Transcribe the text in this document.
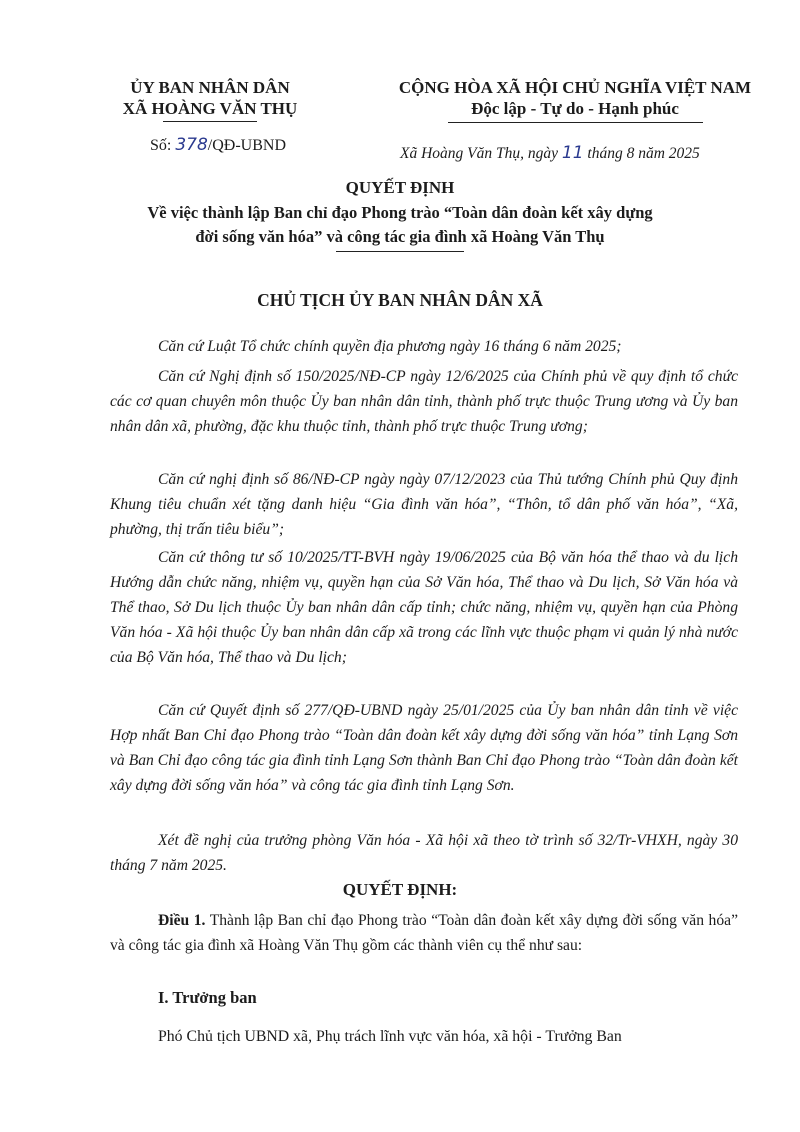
ỦY BAN NHÂN DÂN
XÃ HOÀNG VĂN THỤ
CỘNG HÒA XÃ HỘI CHỦ NGHĨA VIỆT NAM
Độc lập - Tự do - Hạnh phúc
Số: 378/QĐ-UBND	Xã Hoàng Văn Thụ, ngày 11 tháng 8 năm 2025
QUYẾT ĐỊNH
Về việc thành lập Ban chỉ đạo Phong trào “Toàn dân đoàn kết xây dựng
đời sống văn hóa” và công tác gia đình xã Hoàng Văn Thụ
CHỦ TỊCH ỦY BAN NHÂN DÂN XÃ
Căn cứ Luật Tổ chức chính quyền địa phương ngày 16 tháng 6 năm 2025;
Căn cứ Nghị định số 150/2025/NĐ-CP ngày 12/6/2025 của Chính phủ về quy định tổ chức các cơ quan chuyên môn thuộc Ủy ban nhân dân tỉnh, thành phố trực thuộc Trung ương và Ủy ban nhân dân xã, phường, đặc khu thuộc tỉnh, thành phố trực thuộc Trung ương;
Căn cứ nghị định số 86/NĐ-CP ngày ngày 07/12/2023 của Thủ tướng Chính phủ Quy định Khung tiêu chuẩn xét tặng danh hiệu “Gia đình văn hóa”, “Thôn, tổ dân phố văn hóa”, “Xã, phường, thị trấn tiêu biểu”;
Căn cứ thông tư số 10/2025/TT-BVH ngày 19/06/2025 của Bộ văn hóa thể thao và du lịch Hướng dẫn chức năng, nhiệm vụ, quyền hạn của Sở Văn hóa, Thể thao và Du lịch, Sở Văn hóa và Thể thao, Sở Du lịch thuộc Ủy ban nhân dân cấp tỉnh; chức năng, nhiệm vụ, quyền hạn của Phòng Văn hóa - Xã hội thuộc Ủy ban nhân dân cấp xã trong các lĩnh vực thuộc phạm vi quản lý nhà nước của Bộ Văn hóa, Thể thao và Du lịch;
Căn cứ Quyết định số 277/QĐ-UBND ngày 25/01/2025 của Ủy ban nhân dân tỉnh về việc Hợp nhất Ban Chỉ đạo Phong trào “Toàn dân đoàn kết xây dựng đời sống văn hóa” tỉnh Lạng Sơn và Ban Chỉ đạo công tác gia đình tỉnh Lạng Sơn thành Ban Chỉ đạo Phong trào “Toàn dân đoàn kết xây dựng đời sống văn hóa” và công tác gia đình tỉnh Lạng Sơn.
Xét đề nghị của trưởng phòng Văn hóa - Xã hội xã theo tờ trình số 32/Tr-VHXH, ngày 30 tháng 7 năm 2025.
QUYẾT ĐỊNH:
Điều 1. Thành lập Ban chỉ đạo Phong trào “Toàn dân đoàn kết xây dựng đời sống văn hóa” và công tác gia đình xã Hoàng Văn Thụ gồm các thành viên cụ thể như sau:
I. Trưởng ban
Phó Chủ tịch UBND xã, Phụ trách lĩnh vực văn hóa, xã hội - Trưởng Ban
